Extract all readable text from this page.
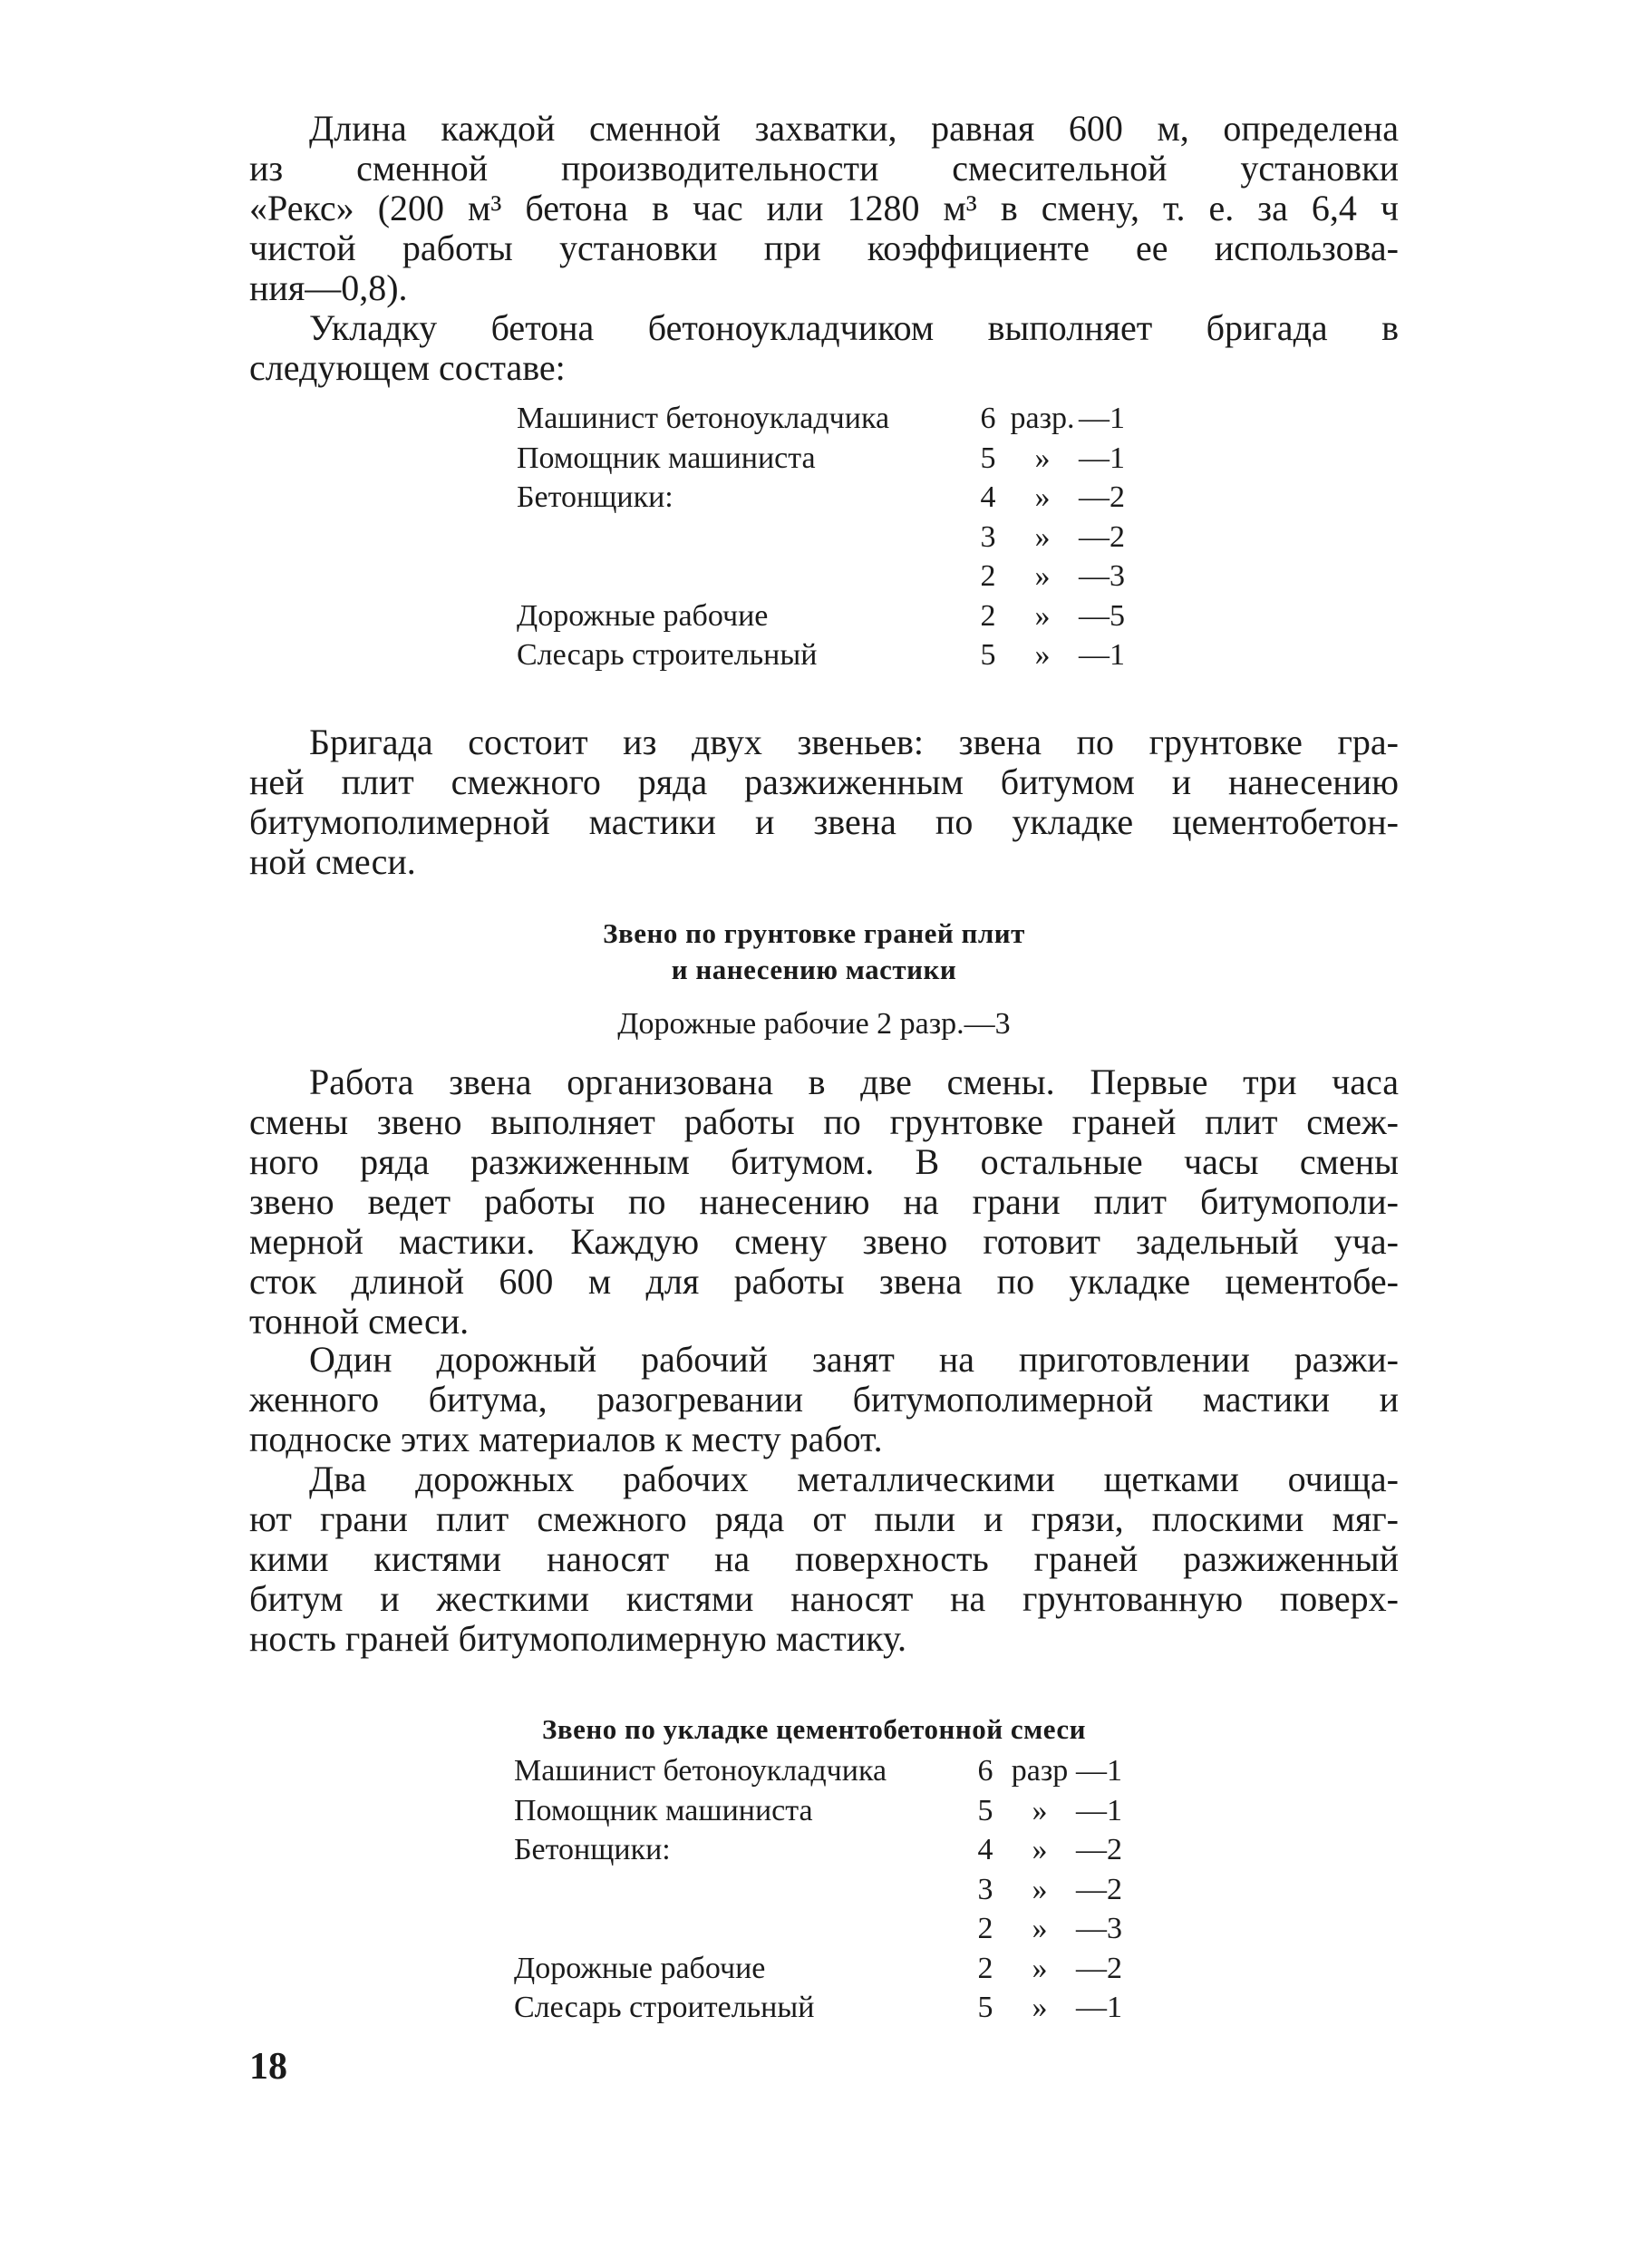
Длина каждой сменной захватки, равная 600 м, определена
из сменной производительности смесительной установки
«Рекс» (200 м³ бетона в час или 1280 м³ в смену, т. е. за 6,4 ч
чистой работы установки при коэффициенте ее использова-
ния—0,8).
Укладку бетона бетоноукладчиком выполняет бригада в
следующем составе:
Машинист бетоноукладчика	6 разр. —1
Помощник машиниста	5	» —1
Бетонщики:	4	» —2
3	» —2
2	» —3
Дорожные рабочие	2	» —5
Слесарь строительный	5	» —1
Бригада состоит из двух звеньев: звена по грунтовке гра-
ней плит смежного ряда разжиженным битумом и нанесению
битумополимерной мастики и звена по укладке цементобетон-
ной смеси.
Звено по грунтовке граней плит
и нанесению мастики
Дорожные рабочие 2 разр.—3
Работа звена организована в две смены. Первые три часа
смены звено выполняет работы по грунтовке граней плит смеж-
ного ряда разжиженным битумом. В остальные часы смены
звено ведет работы по нанесению на грани плит битумополи-
мерной мастики. Каждую смену звено готовит задельный уча-
сток длиной 600 м для работы звена по укладке цементобе-
тонной смеси.
Один дорожный рабочий занят на приготовлении разжи-
женного битума, разогревании битумополимерной мастики и
подноске этих материалов к месту работ.
Два дорожных рабочих металлическими щетками очища-
ют грани плит смежного ряда от пыли и грязи, плоскими мяг-
кими кистями наносят на поверхность граней разжиженный
битум и жесткими кистями наносят на грунтованную поверх-
ность граней битумополимерную мастику.
Звено по укладке цементобетонной смеси
Машинист бетоноукладчика	6 разр —1
Помощник машиниста	5	» —1
Бетонщики:	4	» —2
3	» —2
2	» —3
Дорожные рабочие	2	» —2
Слесарь строительный	5	» —1
18
